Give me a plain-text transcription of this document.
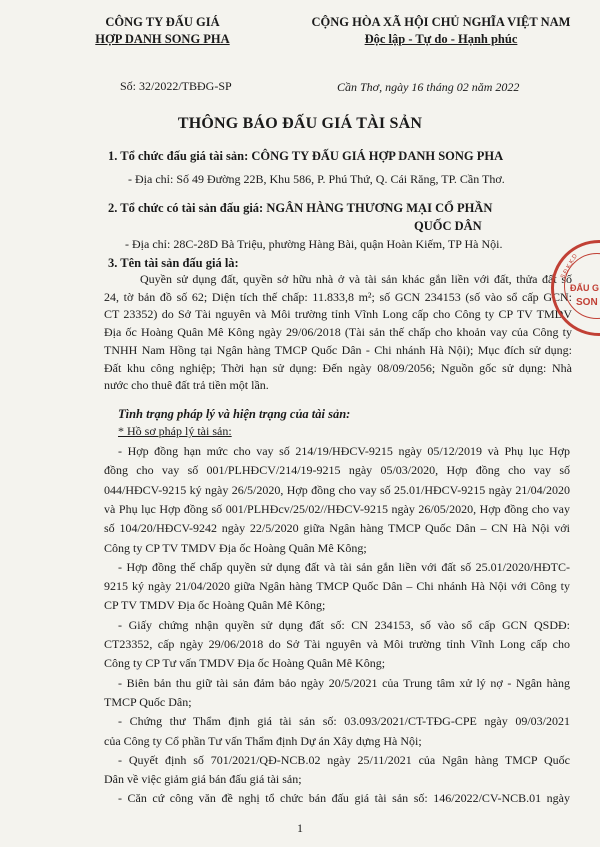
CÔNG TY ĐẤU GIÁ
HỢP DANH SONG PHA
CỘNG HÒA XÃ HỘI CHỦ NGHĨA VIỆT NAM
Độc lập - Tự do - Hạnh phúc
Số: 32/2022/TBĐG-SP	Cần Thơ, ngày 16 tháng 02 năm 2022
THÔNG BÁO ĐẤU GIÁ TÀI SẢN
1. Tổ chức đấu giá tài sản: CÔNG TY ĐẤU GIÁ HỢP DANH SONG PHA
- Địa chỉ: Số 49 Đường 22B, Khu 586, P. Phú Thứ, Q. Cái Răng, TP. Cần Thơ.
2. Tổ chức có tài sản đấu giá: NGÂN HÀNG THƯƠNG MẠI CỔ PHẦN
QUỐC DÂN
- Địa chỉ: 28C-28D Bà Triệu, phường Hàng Bài, quận Hoàn Kiếm, TP Hà Nội.
3. Tên tài sản đấu giá là:
Quyền sử dụng đất, quyền sở hữu nhà ở và tài sản khác gắn liền với đất, thửa đất số
24, tờ bản đồ số 62; Diện tích thế chấp: 11.833,8 m²; số GCN 234153 (số vào sổ cấp GCN:
CT 23352) do Sở Tài nguyên và Môi trường tỉnh Vĩnh Long cấp cho Công ty CP TV TMDV
Địa ốc Hoàng Quân Mê Kông ngày 29/06/2018 (Tài sản thế chấp cho khoản vay của Công ty
TNHH Nam Hồng tại Ngân hàng TMCP Quốc Dân - Chi nhánh Hà Nội); Mục đích sử dụng:
Đất khu công nghiệp; Thời hạn sử dụng: Đến ngày 08/09/2056; Nguồn gốc sử dụng: Nhà
nước cho thuê đất trả tiền một lần.
Tình trạng pháp lý và hiện trạng của tài sản:
* Hồ sơ pháp lý tài sản:
- Hợp đồng hạn mức cho vay số 214/19/HĐCV-9215 ngày 05/12/2019 và Phụ lục Hợp
đồng cho vay số 001/PLHĐCV/214/19-9215 ngày 05/03/2020, Hợp đồng cho vay số
044/HĐCV-9215 ký ngày 26/5/2020, Hợp đồng cho vay số 25.01/HĐCV-9215 ngày 21/04/2020
và Phụ lục Hợp đồng số 001/PLHĐcv/25/02//HĐCV-9215 ngày 26/05/2020, Hợp đồng cho vay
số 104/20/HĐCV-9242 ngày 22/5/2020 giữa Ngân hàng TMCP Quốc Dân – CN Hà Nội với
Công ty CP TV TMDV Địa ốc Hoàng Quân Mê Kông;
- Hợp đồng thế chấp quyền sử dụng đất và tài sản gắn liền với đất số 25.01/2020/HĐTC-
9215 ký ngày 21/04/2020 giữa Ngân hàng TMCP Quốc Dân – Chi nhánh Hà Nội với Công ty
CP TV TMDV Địa ốc Hoàng Quân Mê Kông;
- Giấy chứng nhận quyền sử dụng đất số: CN 234153, số vào sổ cấp GCN QSDĐ:
CT23352, cấp ngày 29/06/2018 do Sở Tài nguyên và Môi trường tỉnh Vĩnh Long cấp cho
Công ty CP Tư vấn TMDV Địa ốc Hoàng Quân Mê Kông;
- Biên bản thu giữ tài sản đảm bảo ngày 20/5/2021 của Trung tâm xử lý nợ - Ngân hàng
TMCP Quốc Dân;
- Chứng thư Thẩm định giá tài sản số: 03.093/2021/CT-TĐG-CPE ngày 09/03/2021
của Công ty Cổ phần Tư vấn Thẩm định Dự án Xây dựng Hà Nội;
- Quyết định số 701/2021/QĐ-NCB.02 ngày 25/11/2021 của Ngân hàng TMCP Quốc
Dân về việc giảm giá bán đấu giá tài sản;
- Căn cứ công văn đề nghị tổ chức bán đấu giá tài sản số: 146/2022/CV-NCB.01 ngày
ĐẤU G
SON
S.Đ.K.K.D
1
